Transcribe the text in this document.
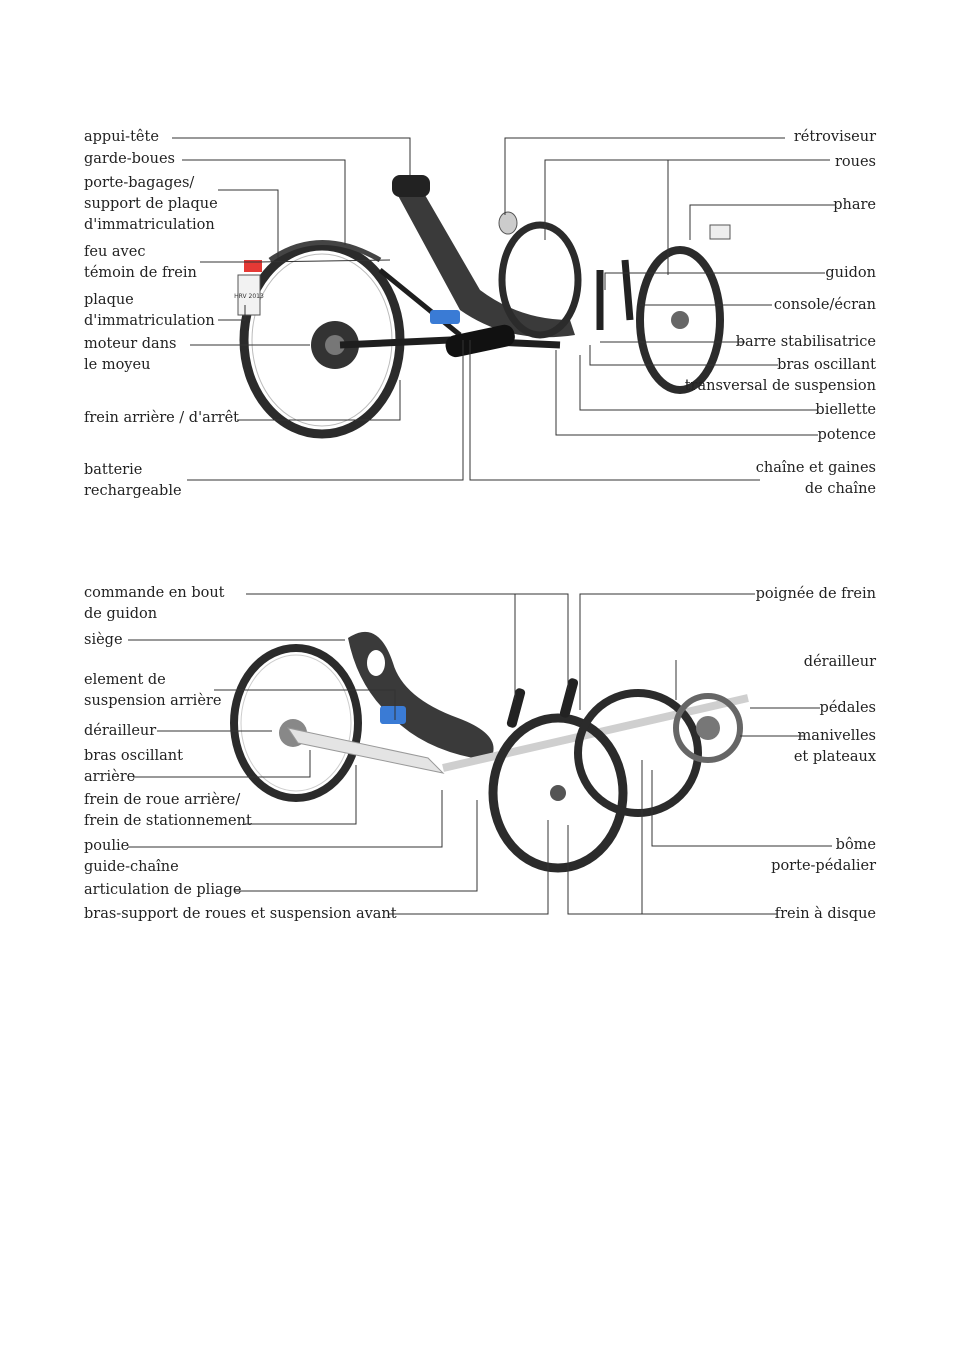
HRV 2013
appui-tête
garde-boues
porte-bagages/
support de plaque
d'immatriculation
feu avec
témoin de frein
plaque
d'immatriculation
moteur dans
le moyeu
frein arrière / d'arrêt
batterie
rechargeable
rétroviseur
roues
phare
guidon
console/écran
barre stabilisatrice
bras oscillant
transversal de suspension
biellette
potence
chaîne et gaines
de chaîne
commande en bout
de guidon
siège
element de
suspension arrière
dérailleur
bras oscillant
arrière
frein de roue arrière/
frein de stationnement
poulie
guide-chaîne
articulation de pliage
bras-support de roues et suspension avant
poignée de frein
dérailleur
pédales
manivelles
et plateaux
bôme
porte-pédalier
frein à disque
